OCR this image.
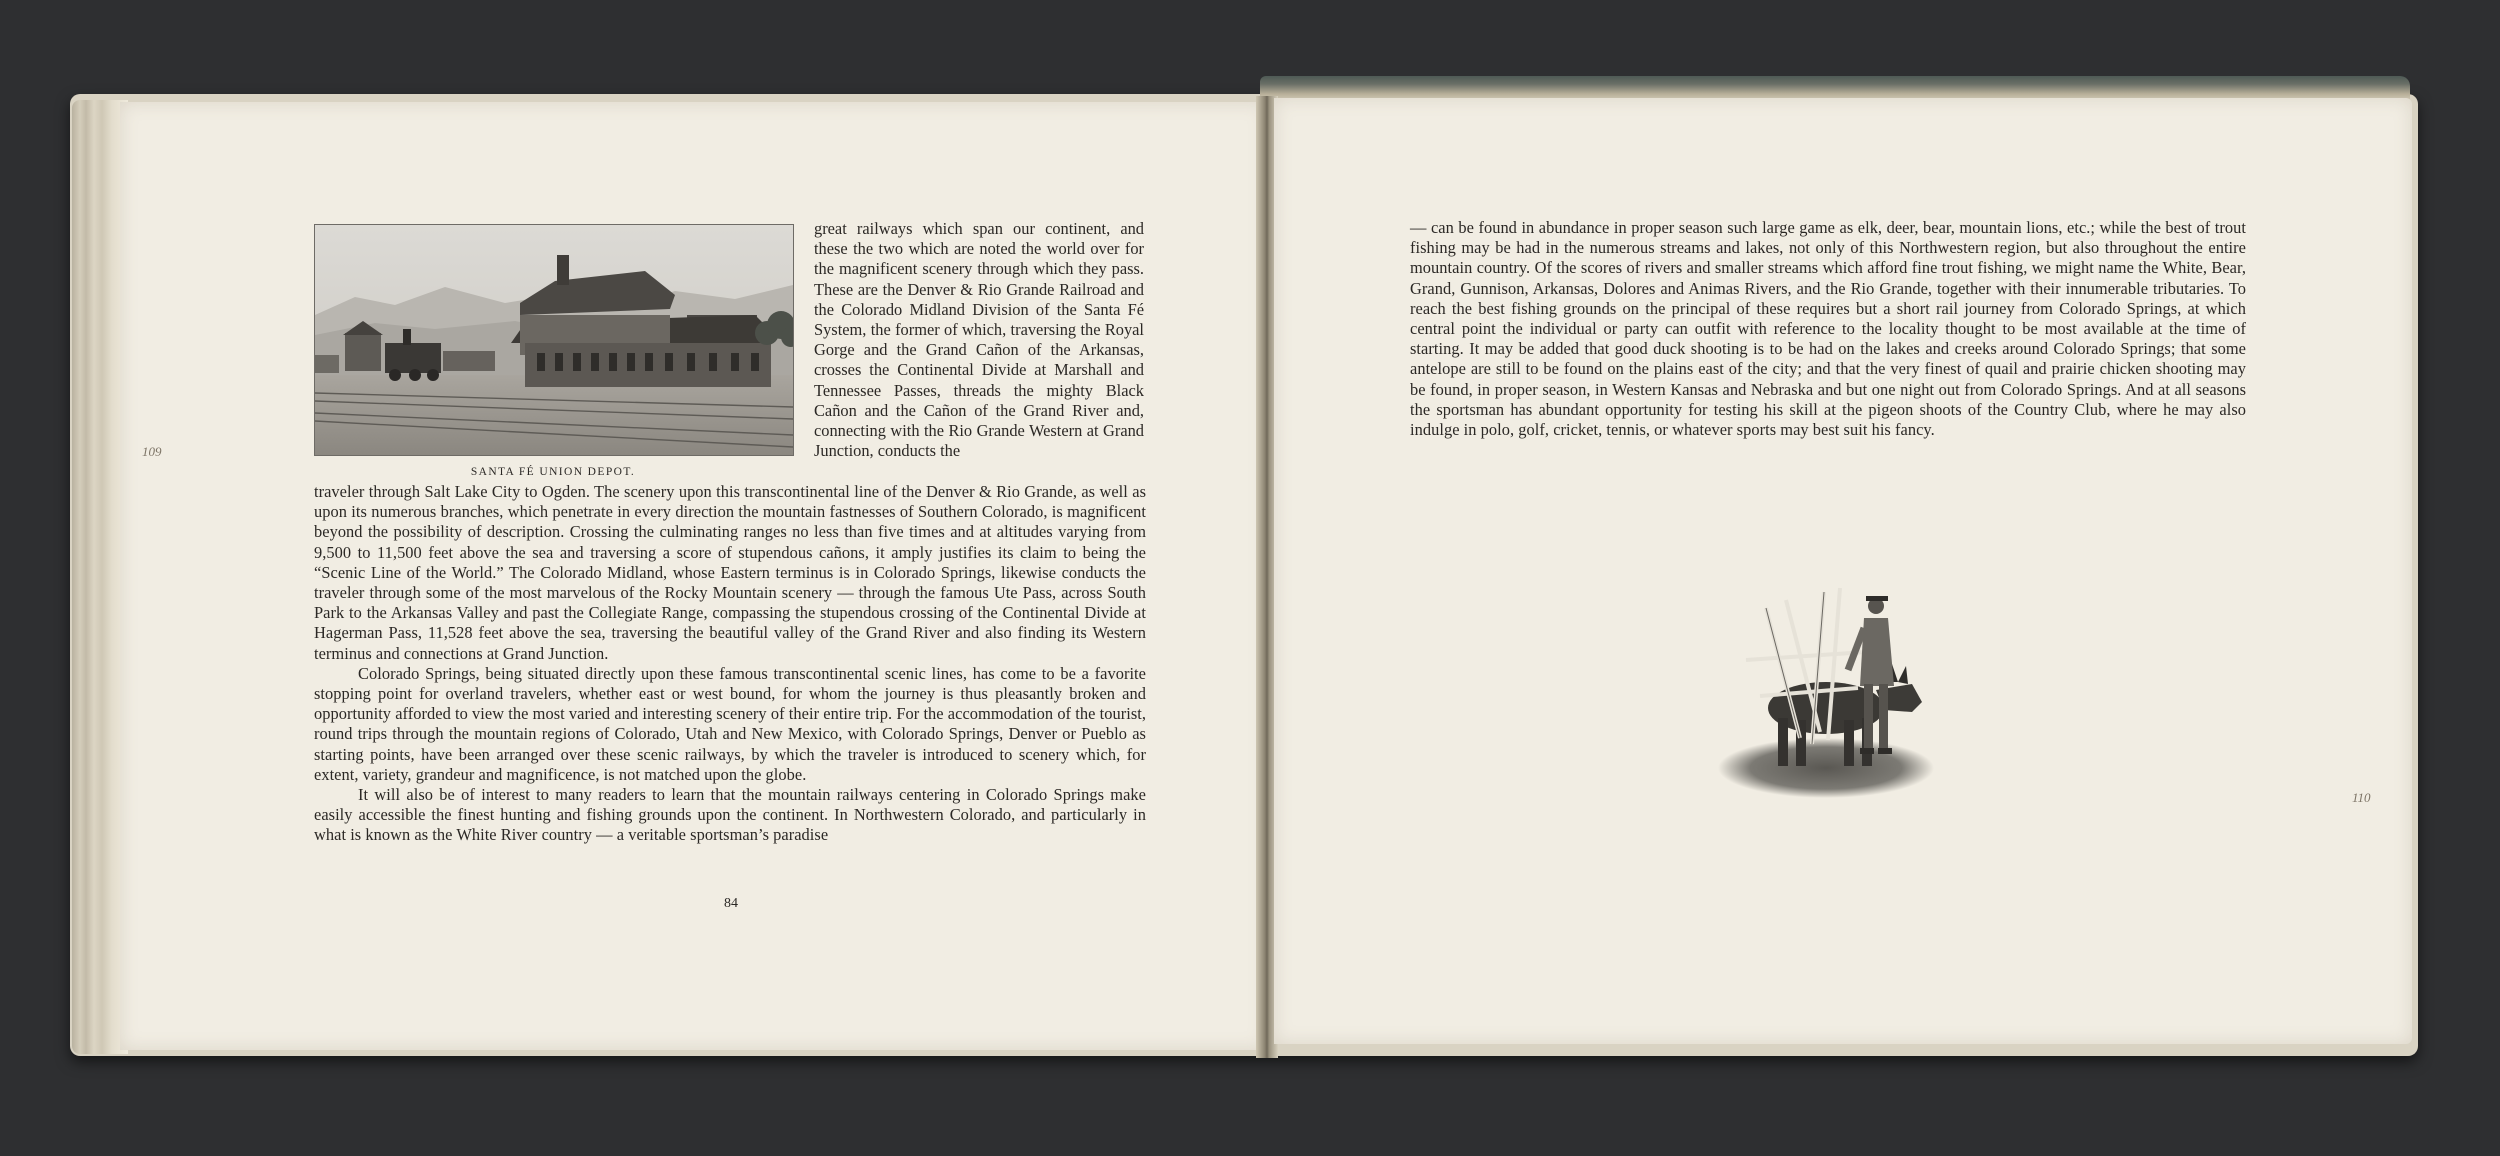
SANTA FÉ UNION DEPOT.

great railways which span our continent, and these the two which are noted the world over for the magnificent scenery through which they pass. These are the Denver & Rio Grande Railroad and the Colorado Midland Division of the Santa Fé System, the former of which, traversing the Royal Gorge and the Grand Cañon of the Arkansas, crosses the Continental Divide at Marshall and Tennessee Passes, threads the mighty Black Cañon and the Cañon of the Grand River and, connecting with the Rio Grande Western at Grand Junction, conducts the

traveler through Salt Lake City to Ogden. The scenery upon this transcontinental line of the Denver & Rio Grande, as well as upon its numerous branches, which penetrate in every direction the mountain fastnesses of Southern Colorado, is magnificent beyond the possibility of description. Crossing the culminating ranges no less than five times and at altitudes varying from 9,500 to 11,500 feet above the sea and traversing a score of stupendous cañons, it amply justifies its claim to being the “Scenic Line of the World.” The Colorado Midland, whose Eastern terminus is in Colorado Springs, likewise conducts the traveler through some of the most marvelous of the Rocky Mountain scenery — through the famous Ute Pass, across South Park to the Arkansas Valley and past the Collegiate Range, compassing the stupendous crossing of the Continental Divide at Hagerman Pass, 11,528 feet above the sea, traversing the beautiful valley of the Grand River and also finding its Western terminus and connections at Grand Junction.

Colorado Springs, being situated directly upon these famous transcontinental scenic lines, has come to be a favorite stopping point for overland travelers, whether east or west bound, for whom the journey is thus pleasantly broken and opportunity afforded to view the most varied and interesting scenery of their entire trip. For the accommodation of the tourist, round trips through the mountain regions of Colorado, Utah and New Mexico, with Colorado Springs, Denver or Pueblo as starting points, have been arranged over these scenic railways, by which the traveler is introduced to scenery which, for extent, variety, grandeur and magnificence, is not matched upon the globe.

It will also be of interest to many readers to learn that the mountain railways centering in Colorado Springs make easily accessible the finest hunting and fishing grounds upon the continent. In Northwestern Colorado, and particularly in what is known as the White River country — a veritable sportsman’s paradise

84
109

— can be found in abundance in proper season such large game as elk, deer, bear, mountain lions, etc.; while the best of trout fishing may be had in the numerous streams and lakes, not only of this Northwestern region, but also throughout the entire mountain country. Of the scores of rivers and smaller streams which afford fine trout fishing, we might name the White, Bear, Grand, Gunnison, Arkansas, Dolores and Animas Rivers, and the Rio Grande, together with their innumerable tributaries. To reach the best fishing grounds on the principal of these requires but a short rail journey from Colorado Springs, at which central point the individual or party can outfit with reference to the locality thought to be most available at the time of starting. It may be added that good duck shooting is to be had on the lakes and creeks around Colorado Springs; that some antelope are still to be found on the plains east of the city; and that the very finest of quail and prairie chicken shooting may be found, in proper season, in Western Kansas and Nebraska and but one night out from Colorado Springs. And at all seasons the sportsman has abundant opportunity for testing his skill at the pigeon shoots of the Country Club, where he may also indulge in polo, golf, cricket, tennis, or whatever sports may best suit his fancy.

110
